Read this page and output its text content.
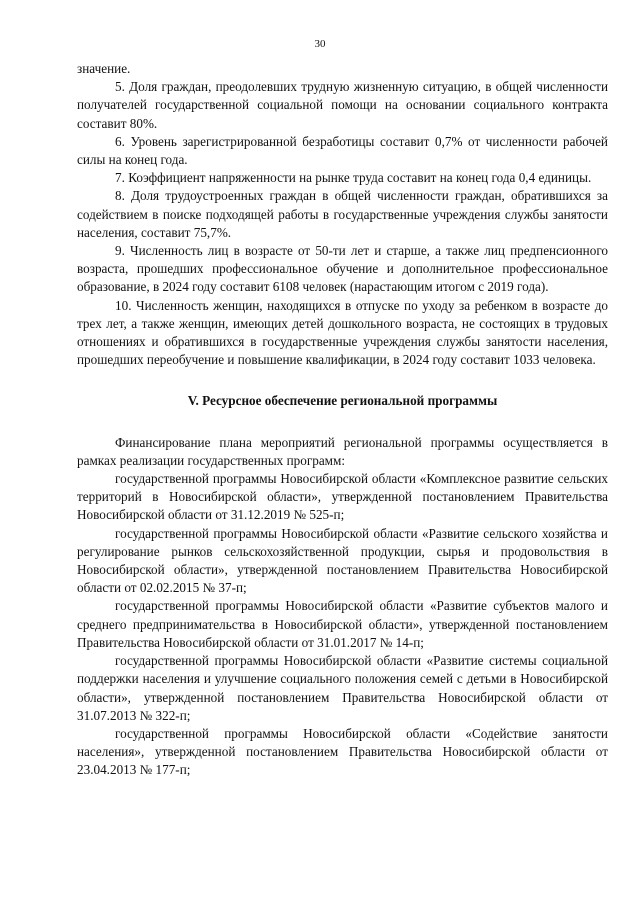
30

значение.

5. Доля граждан, преодолевших трудную жизненную ситуацию, в общей численности получателей государственной социальной помощи на основании социального контракта составит 80%.

6. Уровень зарегистрированной безработицы составит 0,7% от численности рабочей силы на конец года.

7. Коэффициент напряженности на рынке труда составит на конец года 0,4 единицы.

8. Доля трудоустроенных граждан в общей численности граждан, обратившихся за содействием в поиске подходящей работы в государственные учреждения службы занятости населения, составит 75,7%.

9. Численность лиц в возрасте от 50-ти лет и старше, а также лиц предпенсионного возраста, прошедших профессиональное обучение и дополнительное профессиональное образование, в 2024 году составит 6108 человек (нарастающим итогом с 2019 года).

10. Численность женщин, находящихся в отпуске по уходу за ребенком в возрасте до трех лет, а также женщин, имеющих детей дошкольного возраста, не состоящих в трудовых отношениях и обратившихся в государственные учреждения службы занятости населения, прошедших переобучение и повышение квалификации, в 2024 году составит 1033 человека.

V. Ресурсное обеспечение региональной программы

Финансирование плана мероприятий региональной программы осуществляется в рамках реализации государственных программ:

государственной программы Новосибирской области «Комплексное развитие сельских территорий в Новосибирской области», утвержденной постановлением Правительства Новосибирской области от 31.12.2019 № 525-п;

государственной программы Новосибирской области «Развитие сельского хозяйства и регулирование рынков сельскохозяйственной продукции, сырья и продовольствия в Новосибирской области», утвержденной постановлением Правительства Новосибирской области от 02.02.2015 № 37-п;

государственной программы Новосибирской области «Развитие субъектов малого и среднего предпринимательства в Новосибирской области», утвержденной постановлением Правительства Новосибирской области от 31.01.2017 № 14-п;

государственной программы Новосибирской области «Развитие системы социальной поддержки населения и улучшение социального положения семей с детьми в Новосибирской области», утвержденной постановлением Правительства Новосибирской области от 31.07.2013 № 322-п;

государственной программы Новосибирской области «Содействие занятости населения», утвержденной постановлением Правительства Новосибирской области от 23.04.2013 № 177-п;
